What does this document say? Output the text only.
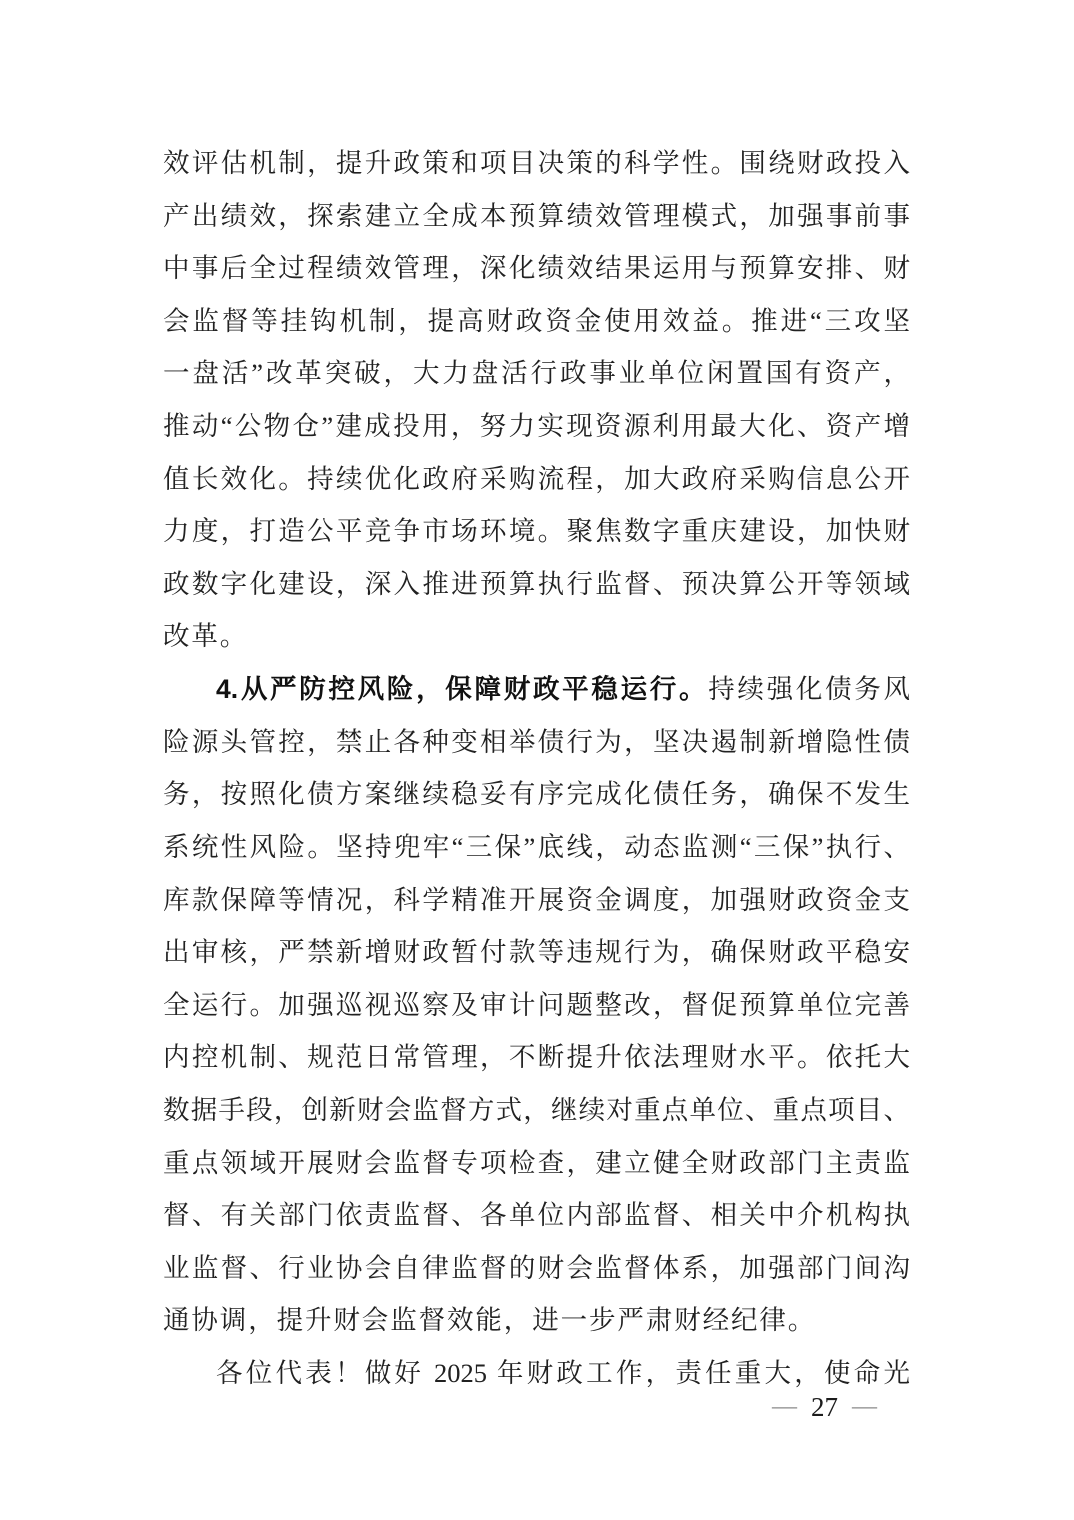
效评估机制，提升政策和项目决策的科学性。围绕财政投入
产出绩效，探索建立全成本预算绩效管理模式，加强事前事
中事后全过程绩效管理，深化绩效结果运用与预算安排、财
会监督等挂钩机制，提高财政资金使用效益。推进“三攻坚
一盘活”改革突破，大力盘活行政事业单位闲置国有资产，
推动“公物仓”建成投用，努力实现资源利用最大化、资产增
值长效化。持续优化政府采购流程，加大政府采购信息公开
力度，打造公平竞争市场环境。聚焦数字重庆建设，加快财
政数字化建设，深入推进预算执行监督、预决算公开等领域
改革。
4.从严防控风险，保障财政平稳运行。持续强化债务风
险源头管控，禁止各种变相举债行为，坚决遏制新增隐性债
务，按照化债方案继续稳妥有序完成化债任务，确保不发生
系统性风险。坚持兜牢“三保”底线，动态监测“三保”执行、
库款保障等情况，科学精准开展资金调度，加强财政资金支
出审核，严禁新增财政暂付款等违规行为，确保财政平稳安
全运行。加强巡视巡察及审计问题整改，督促预算单位完善
内控机制、规范日常管理，不断提升依法理财水平。依托大
数据手段，创新财会监督方式，继续对重点单位、重点项目、
重点领域开展财会监督专项检查，建立健全财政部门主责监
督、有关部门依责监督、各单位内部监督、相关中介机构执
业监督、行业协会自律监督的财会监督体系，加强部门间沟
通协调，提升财会监督效能，进一步严肃财经纪律。
各位代表！做好 2025 年财政工作，责任重大，使命光
— 27 —
